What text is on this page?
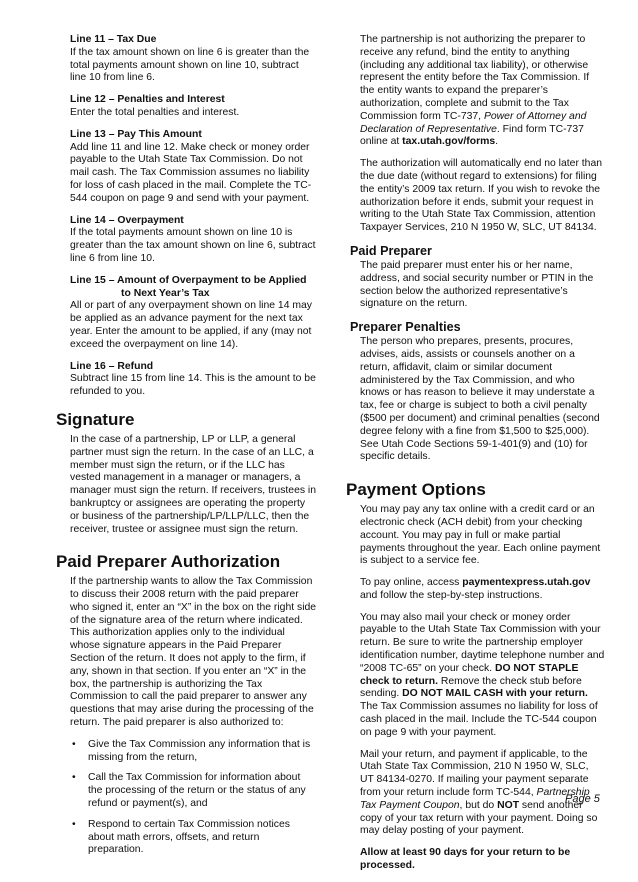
Line 11 – Tax Due

If the tax amount shown on line 6 is greater than the total payments amount shown on line 10, subtract line 10 from line 6.

Line 12 – Penalties and Interest

Enter the total penalties and interest.

Line 13 – Pay This Amount

Add line 11 and line 12. Make check or money order payable to the Utah State Tax Commission. Do not mail cash. The Tax Commission assumes no liability for loss of cash placed in the mail. Complete the TC-544 coupon on page 9 and send with your payment.

Line 14 – Overpayment

If the total payments amount shown on line 10 is greater than the tax amount shown on line 6, subtract line 6 from line 10.

Line 15 – Amount of Overpayment to be Applied

to Next Year’s Tax

All or part of any overpayment shown on line 14 may be applied as an advance payment for the next tax year. Enter the amount to be applied, if any (may not exceed the overpayment on line 14).

Line 16 – Refund

Subtract line 15 from line 14. This is the amount to be refunded to you.

Signature

In the case of a partnership, LP or LLP, a general partner must sign the return. In the case of an LLC, a member must sign the return, or if the LLC has vested management in a manager or managers, a manager must sign the return. If receivers, trustees in bankruptcy or assignees are operating the property or business of the partnership/LP/LLP/LLC, then the receiver, trustee or assignee must sign the return.

Paid Preparer Authorization

If the partnership wants to allow the Tax Commission to discuss their 2008 return with the paid preparer who signed it, enter an “X” in the box on the right side of the signature area of the return where indicated. This authorization applies only to the individual whose signature appears in the Paid Preparer Section of the return. It does not apply to the firm, if any, shown in that section. If you enter an “X” in the box, the partnership is authorizing the Tax Commission to call the paid preparer to answer any questions that may arise during the processing of the return. The paid preparer is also authorized to:

• Give the Tax Commission any information that is missing from the return,
• Call the Tax Commission for information about the processing of the return or the status of any refund or payment(s), and
• Respond to certain Tax Commission notices about math errors, offsets, and return preparation.

The partnership is not authorizing the preparer to receive any refund, bind the entity to anything (including any additional tax liability), or otherwise represent the entity before the Tax Commission. If the entity wants to expand the preparer’s authorization, complete and submit to the Tax Commission form TC-737, Power of Attorney and Declaration of Representative. Find form TC-737 online at tax.utah.gov/forms.

The authorization will automatically end no later than the due date (without regard to extensions) for filing the entity’s 2009 tax return. If you wish to revoke the authorization before it ends, submit your request in writing to the Utah State Tax Commission, attention Taxpayer Services, 210 N 1950 W, SLC, UT 84134.

Paid Preparer

The paid preparer must enter his or her name, address, and social security number or PTIN in the section below the authorized representative’s signature on the return.

Preparer Penalties

The person who prepares, presents, procures, advises, aids, assists or counsels another on a return, affidavit, claim or similar document administered by the Tax Commission, and who knows or has reason to believe it may understate a tax, fee or charge is subject to both a civil penalty ($500 per document) and criminal penalties (second degree felony with a fine from $1,500 to $25,000). See Utah Code Sections 59-1-401(9) and (10) for specific details.

Payment Options

You may pay any tax online with a credit card or an electronic check (ACH debit) from your checking account. You may pay in full or make partial payments throughout the year. Each online payment is subject to a service fee.

To pay online, access paymentexpress.utah.gov and follow the step-by-step instructions.

You may also mail your check or money order payable to the Utah State Tax Commission with your return. Be sure to write the partnership employer identification number, daytime telephone number and “2008 TC-65” on your check. DO NOT STAPLE check to return. Remove the check stub before sending. DO NOT MAIL CASH with your return. The Tax Commission assumes no liability for loss of cash placed in the mail. Include the TC-544 coupon on page 9 with your payment.

Mail your return, and payment if applicable, to the Utah State Tax Commission, 210 N 1950 W, SLC, UT 84134-0270. If mailing your payment separate from your return include form TC-544, Partnership Tax Payment Coupon, but do NOT send another copy of your tax return with your payment. Doing so may delay posting of your payment.

Allow at least 90 days for your return to be processed.

Page 5
